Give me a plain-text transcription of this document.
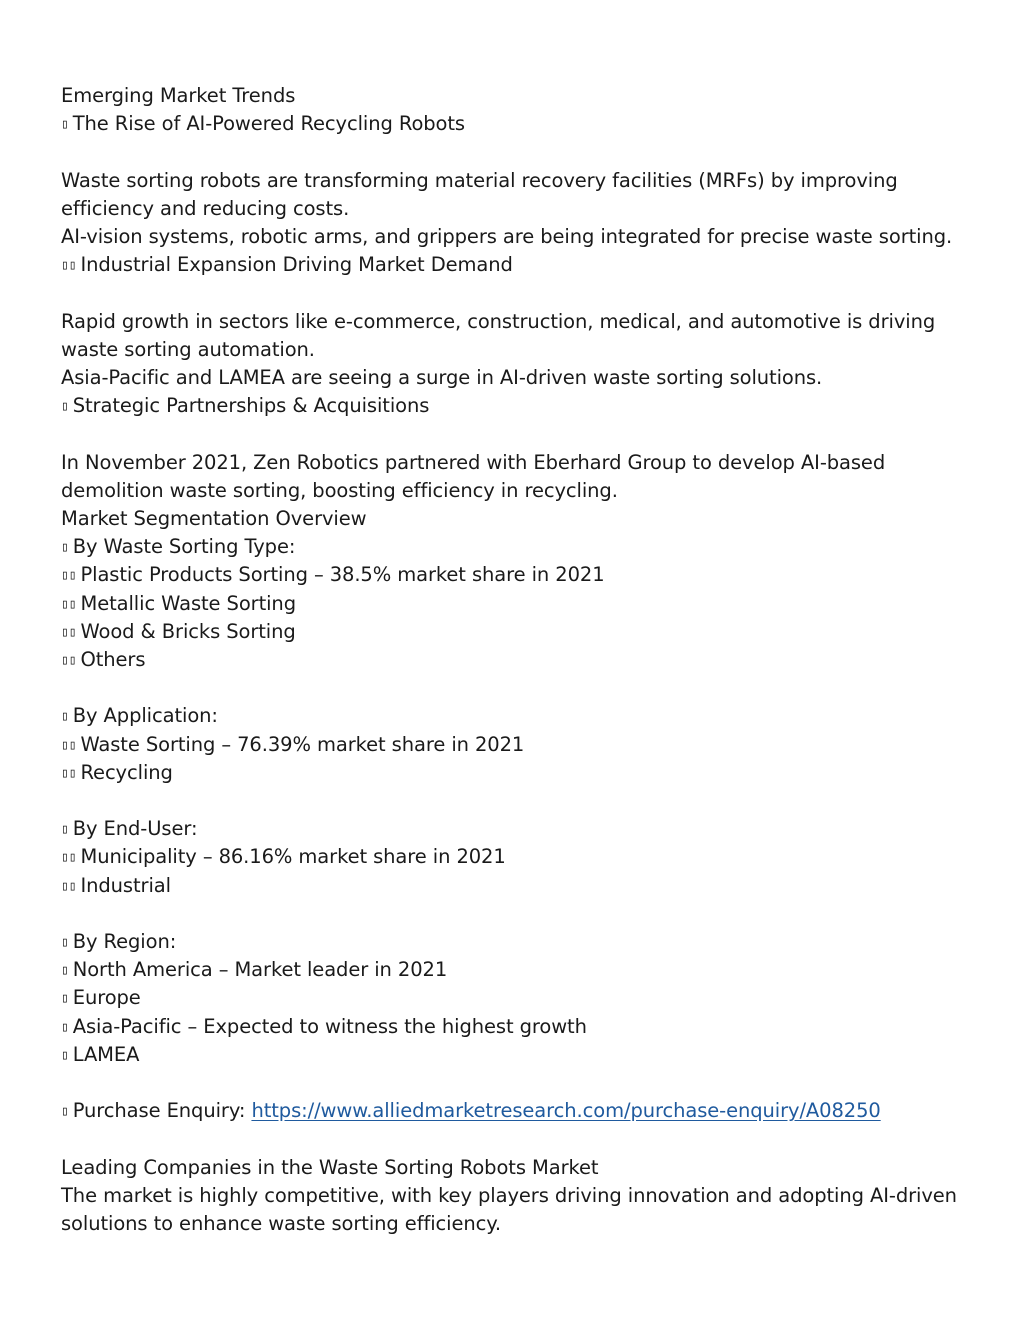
Emerging Market Trends
▯ The Rise of AI-Powered Recycling Robots
Waste sorting robots are transforming material recovery facilities (MRFs) by improving efficiency and reducing costs.
AI-vision systems, robotic arms, and grippers are being integrated for precise waste sorting.
▯▯ Industrial Expansion Driving Market Demand
Rapid growth in sectors like e-commerce, construction, medical, and automotive is driving waste sorting automation.
Asia-Pacific and LAMEA are seeing a surge in AI-driven waste sorting solutions.
▯ Strategic Partnerships & Acquisitions
In November 2021, Zen Robotics partnered with Eberhard Group to develop AI-based demolition waste sorting, boosting efficiency in recycling.
Market Segmentation Overview
▯ By Waste Sorting Type:
▯▯ Plastic Products Sorting – 38.5% market share in 2021
▯▯ Metallic Waste Sorting
▯▯ Wood & Bricks Sorting
▯▯ Others
▯ By Application:
▯▯ Waste Sorting – 76.39% market share in 2021
▯▯ Recycling
▯ By End-User:
▯▯ Municipality – 86.16% market share in 2021
▯▯ Industrial
▯ By Region:
▯ North America – Market leader in 2021
▯ Europe
▯ Asia-Pacific – Expected to witness the highest growth
▯ LAMEA
▯ Purchase Enquiry: https://www.alliedmarketresearch.com/purchase-enquiry/A08250
Leading Companies in the Waste Sorting Robots Market
The market is highly competitive, with key players driving innovation and adopting AI-driven solutions to enhance waste sorting efficiency.
